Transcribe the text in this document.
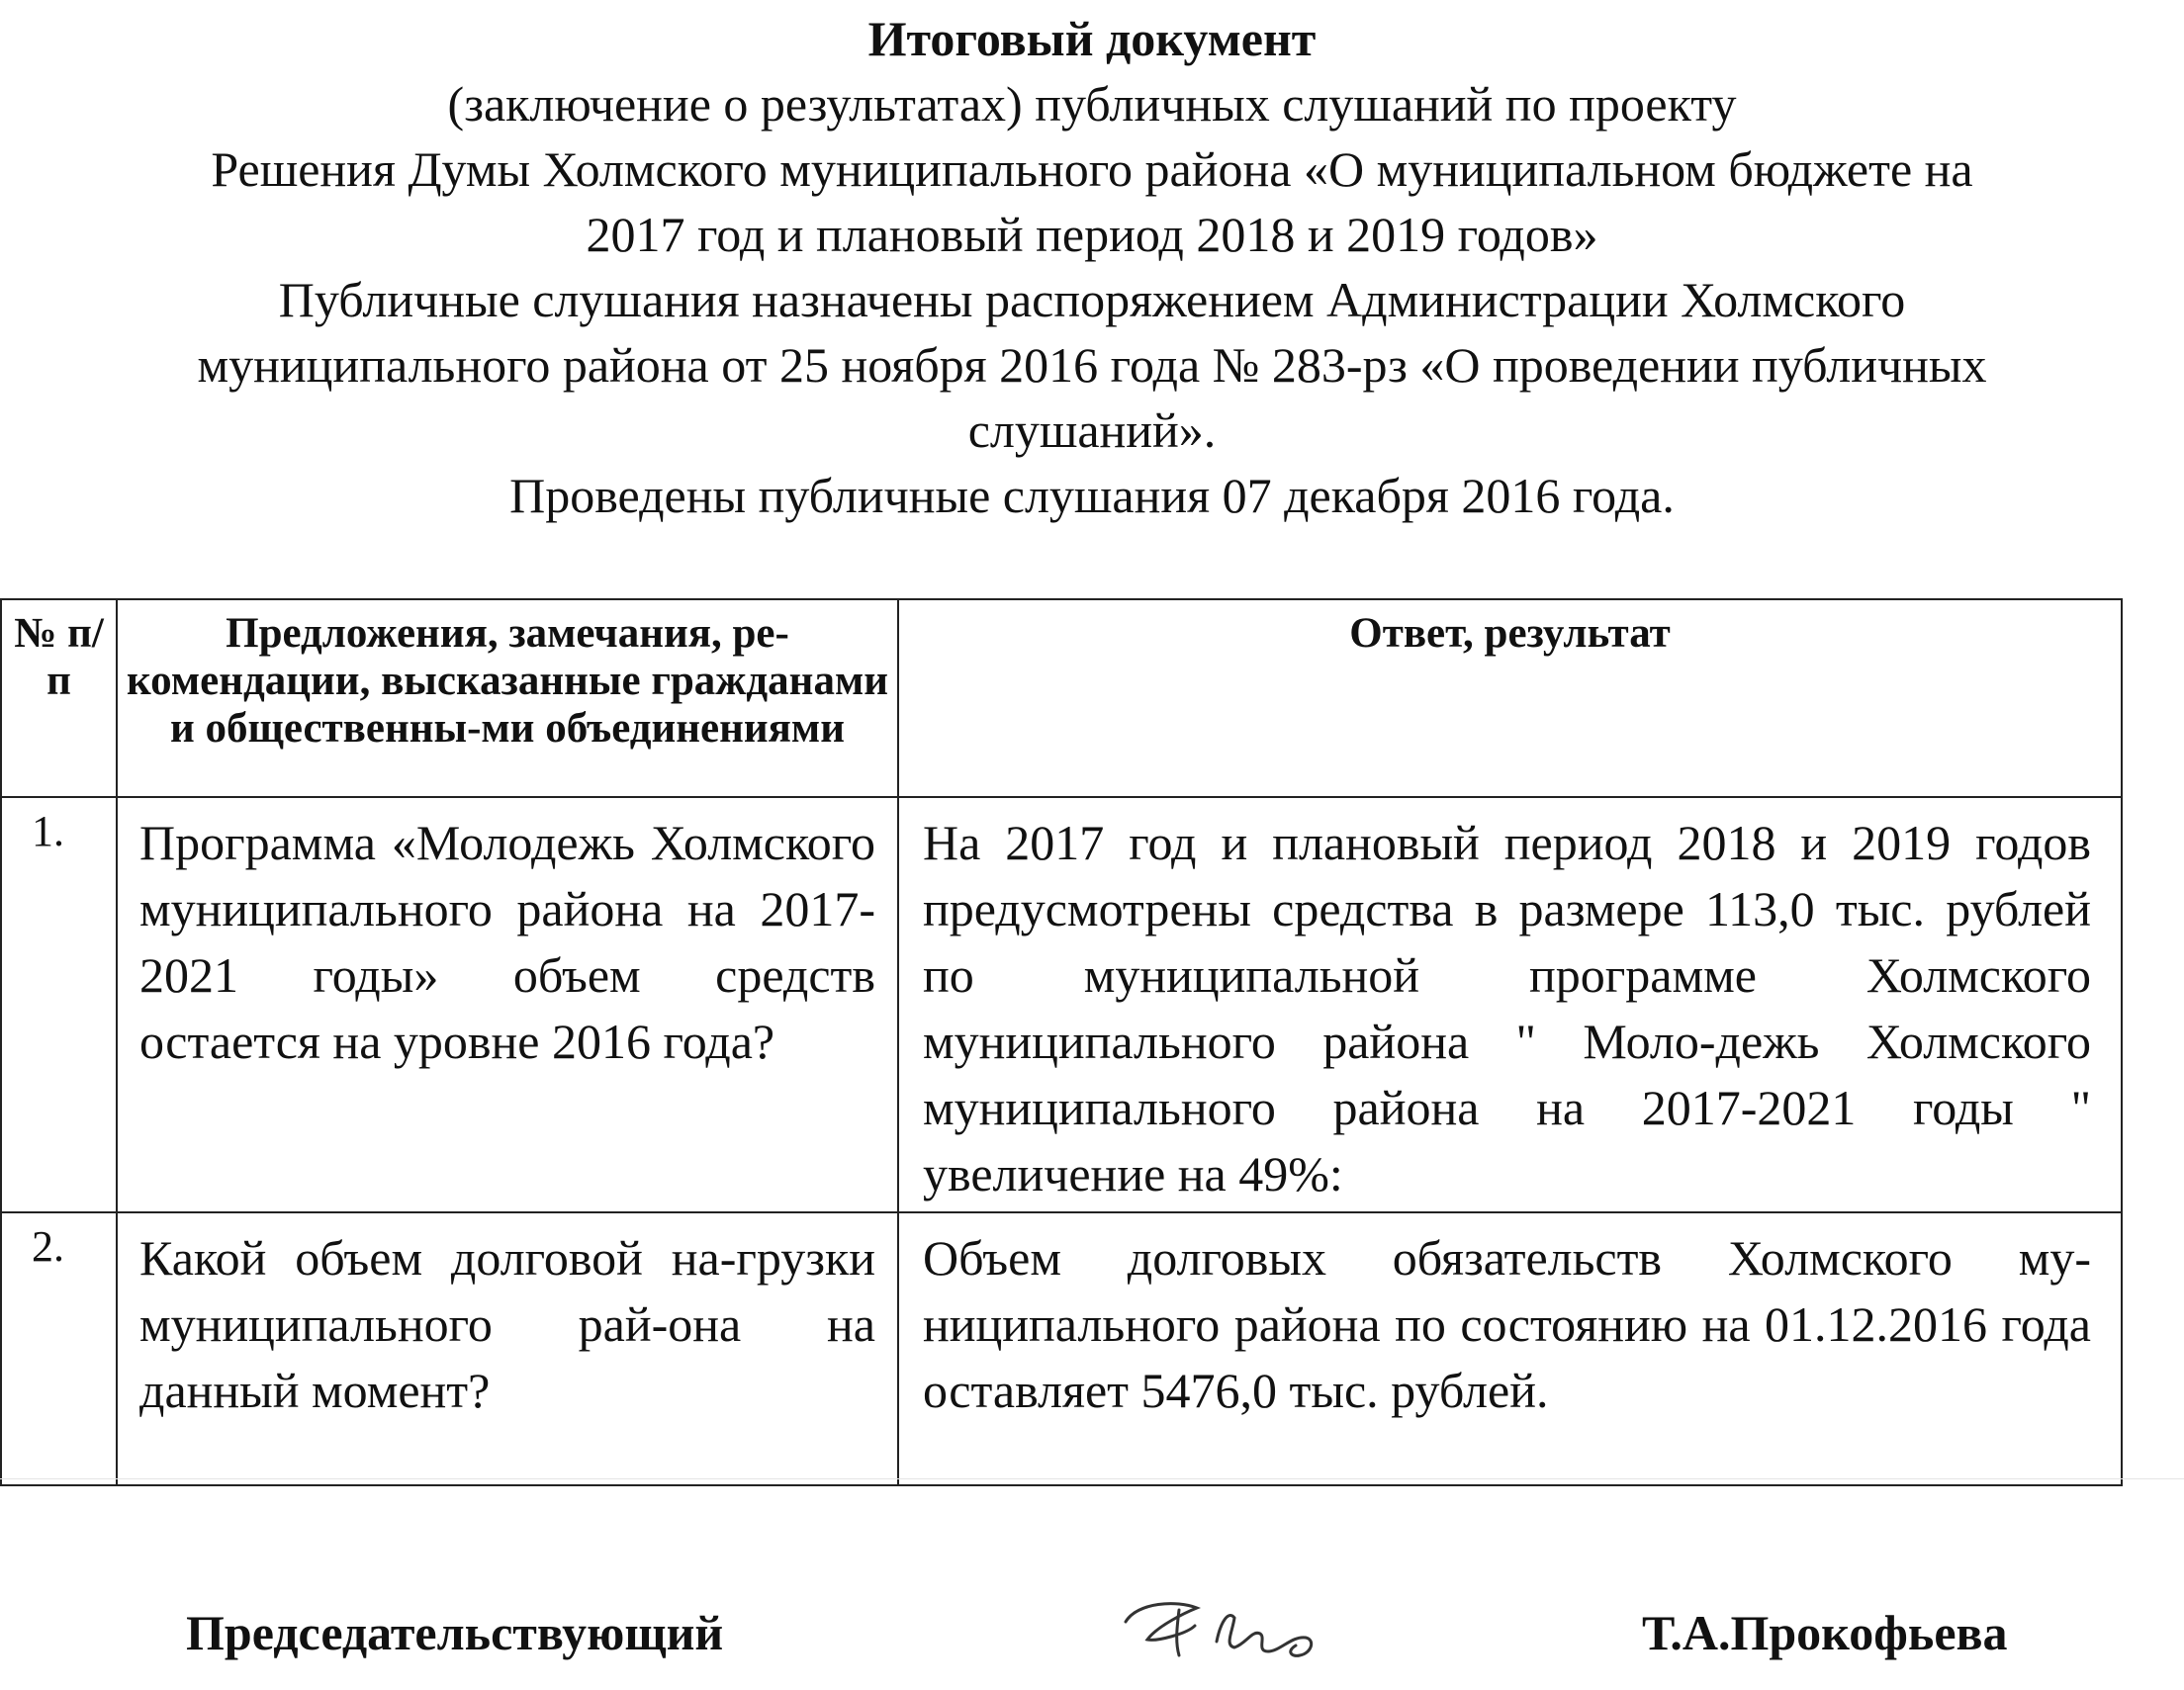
Итоговый документ
(заключение о результатах) публичных слушаний по проекту
Решения Думы Холмского муниципального района «О муниципальном бюджете на
2017 год и плановый период 2018 и 2019 годов»
Публичные слушания назначены распоряжением Администрации Холмского
муниципального района от 25 ноября 2016 года № 283-рз «О проведении публичных
слушаний».
Проведены публичные слушания 07 декабря 2016 года.
№ п/п	Предложения, замечания, ре-комендации, высказанные гражданами и общественны-ми объединениями	Ответ, результат
1.	Программа «Молодежь Холмского муниципального района на 2017-2021 годы» объем средств остается на уровне 2016 года?	На 2017 год и плановый период 2018 и 2019 годов предусмотрены средства в размере 113,0 тыс. рублей по муниципальной программе Холмского муниципального района " Моло-дежь Холмского муниципального района на 2017-2021 годы " увеличение на 49%:
2.	Какой объем долговой на-грузки муниципального рай-она на данный момент?	Объем долговых обязательств Холмского му-ниципального района по состоянию на 01.12.2016 года оставляет 5476,0 тыс. рублей.
Председательствующий	Т.А.Прокофьева
